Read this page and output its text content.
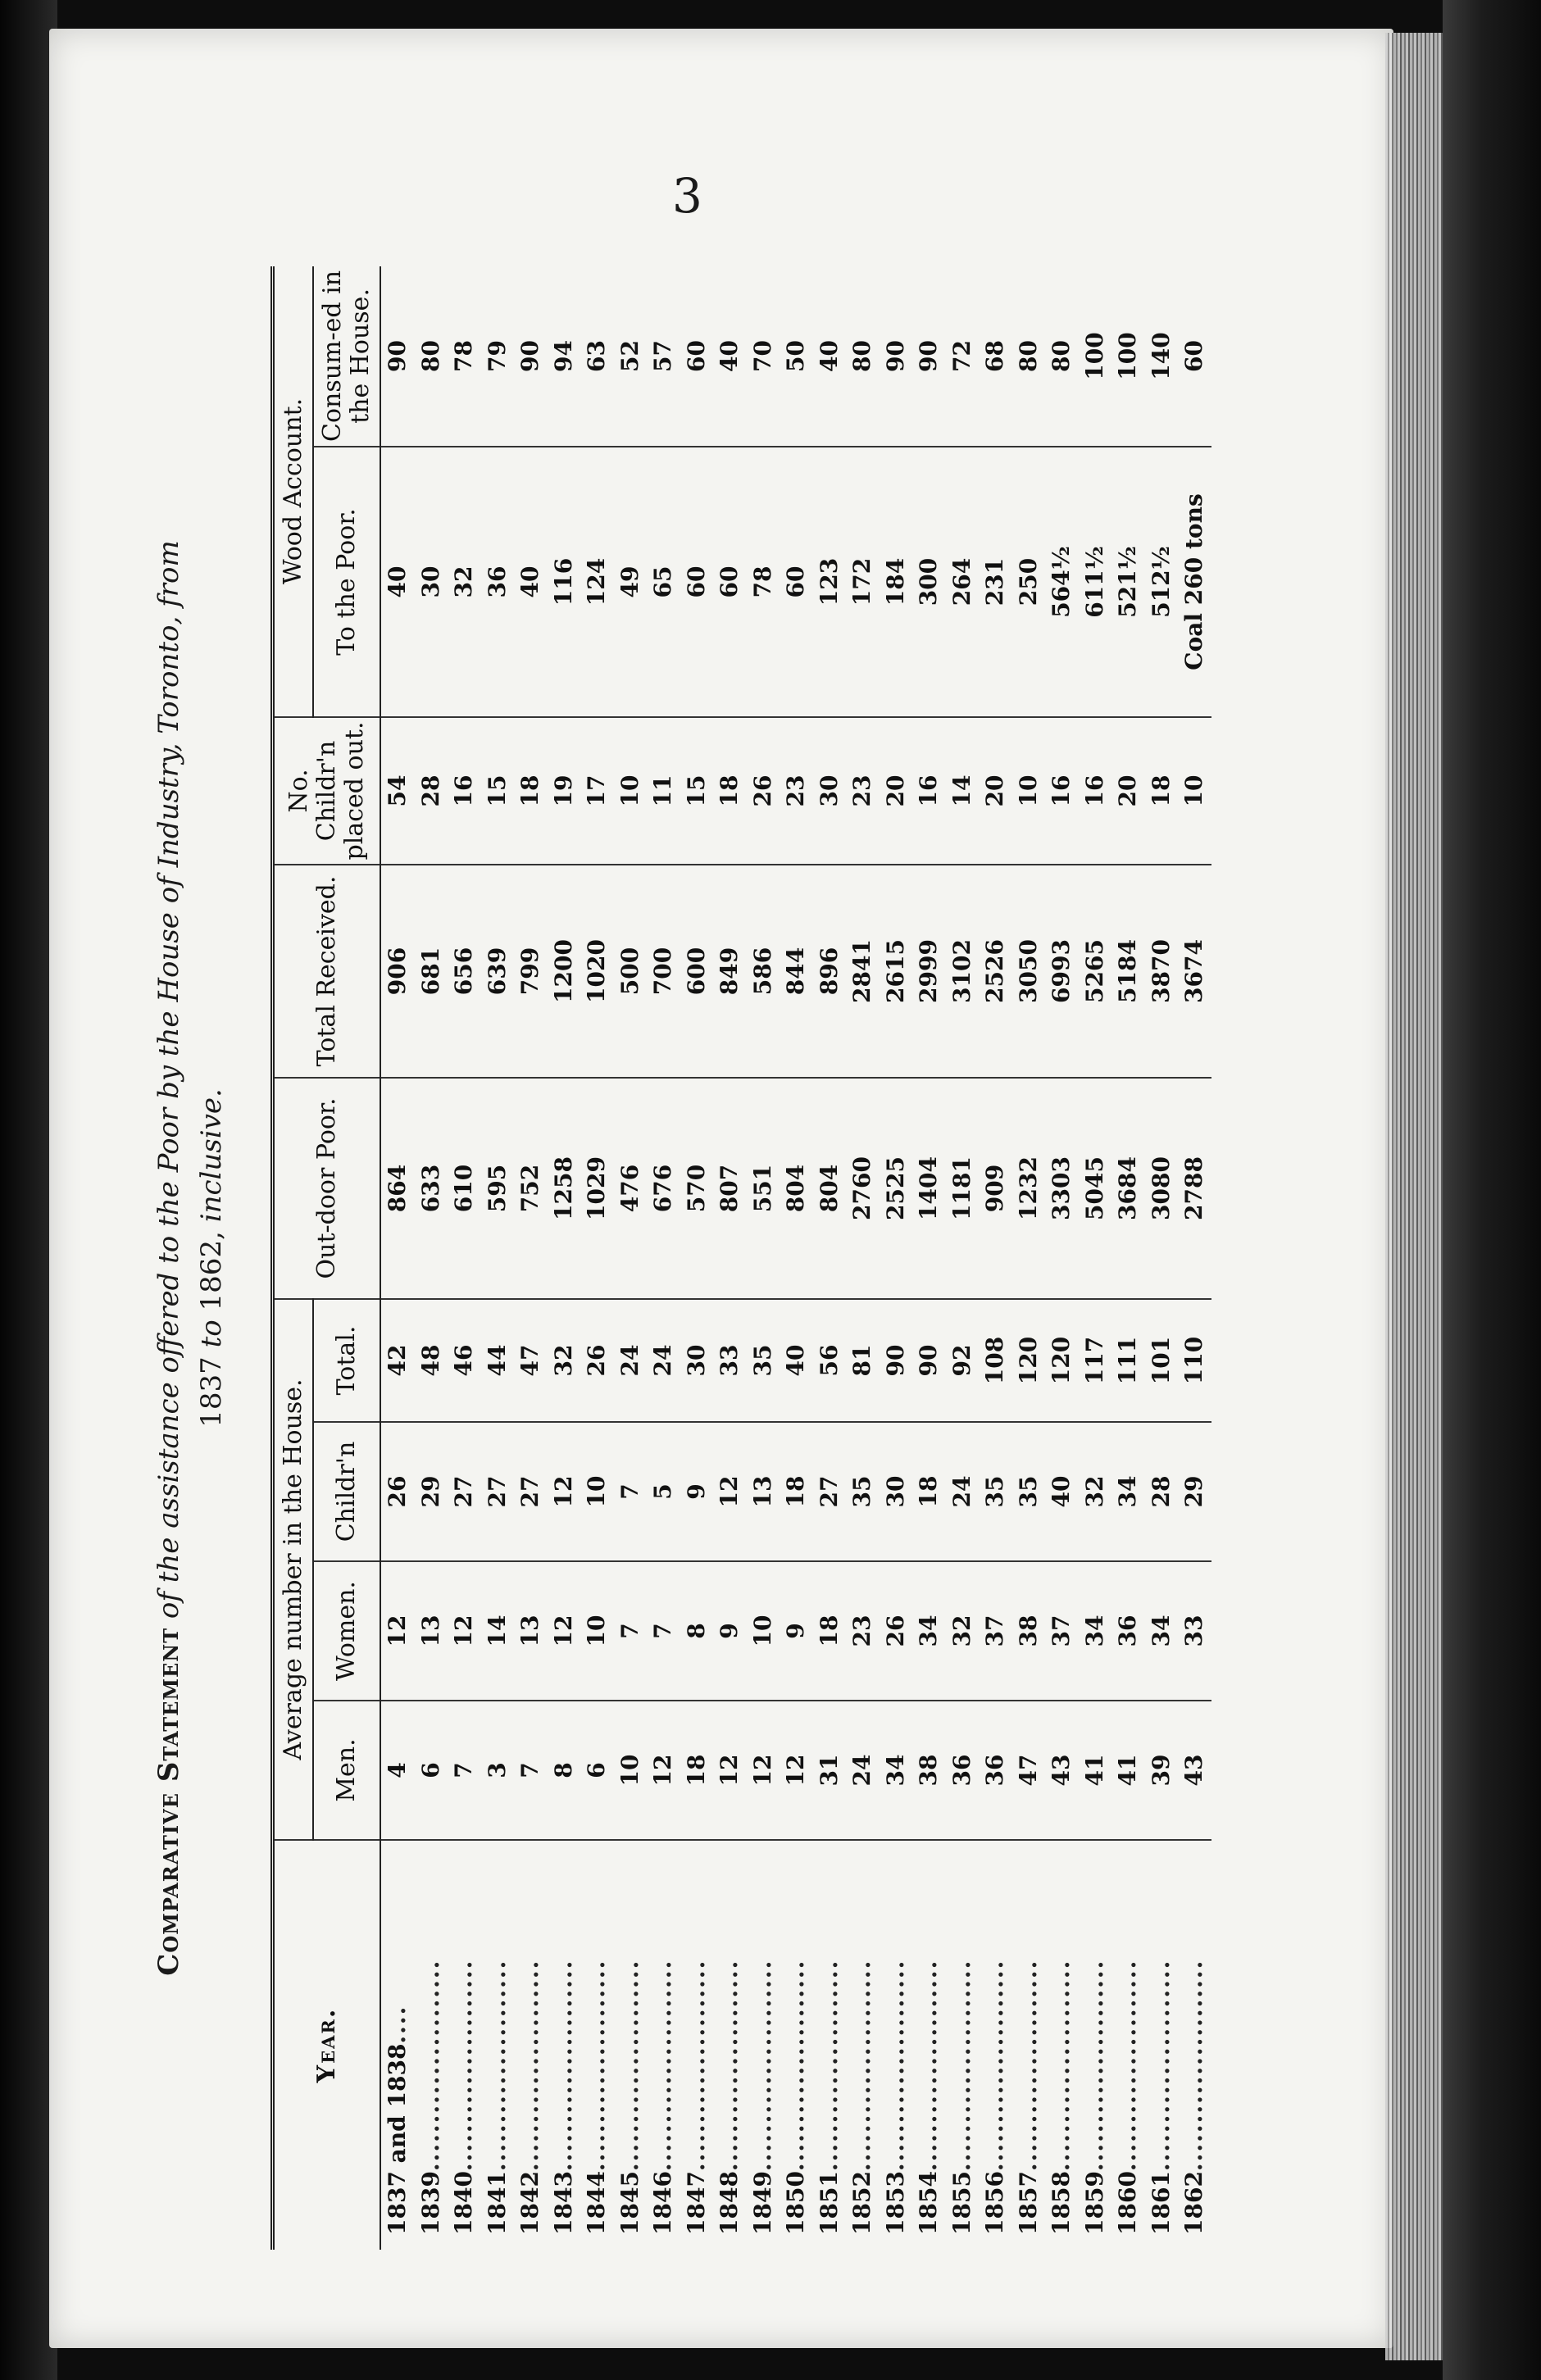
3
Comparative Statement of the assistance offered to the Poor by the House of Industry, Toronto, from 1837 to 1862, inclusive.
Year.	Average number in the House.				Out-door Poor.	Total Received.	No. Childr'n placed out.	Wood Account.	
	Men.	Women.	Childr'n	Total.				To the Poor.	Consum-ed in the House.
1837 and 1838....	4	12	26	42	864	906	54	40	90
1839......................	6	13	29	48	633	681	28	30	80
1840......................	7	12	27	46	610	656	16	32	78
1841......................	3	14	27	44	595	639	15	36	79
1842......................	7	13	27	47	752	799	18	40	90
1843......................	8	12	12	32	1258	1200	19	116	94
1844......................	6	10	10	26	1029	1020	17	124	63
1845......................	10	7	7	24	476	500	10	49	52
1846......................	12	7	5	24	676	700	11	65	57
1847......................	18	8	9	30	570	600	15	60	60
1848......................	12	9	12	33	807	849	18	60	40
1849......................	12	10	13	35	551	586	26	78	70
1850......................	12	9	18	40	804	844	23	60	50
1851......................	31	18	27	56	804	896	30	123	40
1852......................	24	23	35	81	2760	2841	23	172	80
1853......................	34	26	30	90	2525	2615	20	184	90
1854......................	38	34	18	90	1404	2999	16	300	90
1855......................	36	32	24	92	1181	3102	14	264	72
1856......................	36	37	35	108	909	2526	20	231	68
1857......................	47	38	35	120	1232	3050	10	250	80
1858......................	43	37	40	120	3303	6993	16	564½	80
1859......................	41	34	32	117	5045	5265	16	611½	100
1860......................	41	36	34	111	3684	5184	20	521½	100
1861......................	39	34	28	101	3080	3870	18	512½	140
1862......................	43	33	29	110	2788	3674	10	Coal 260 tons	60
